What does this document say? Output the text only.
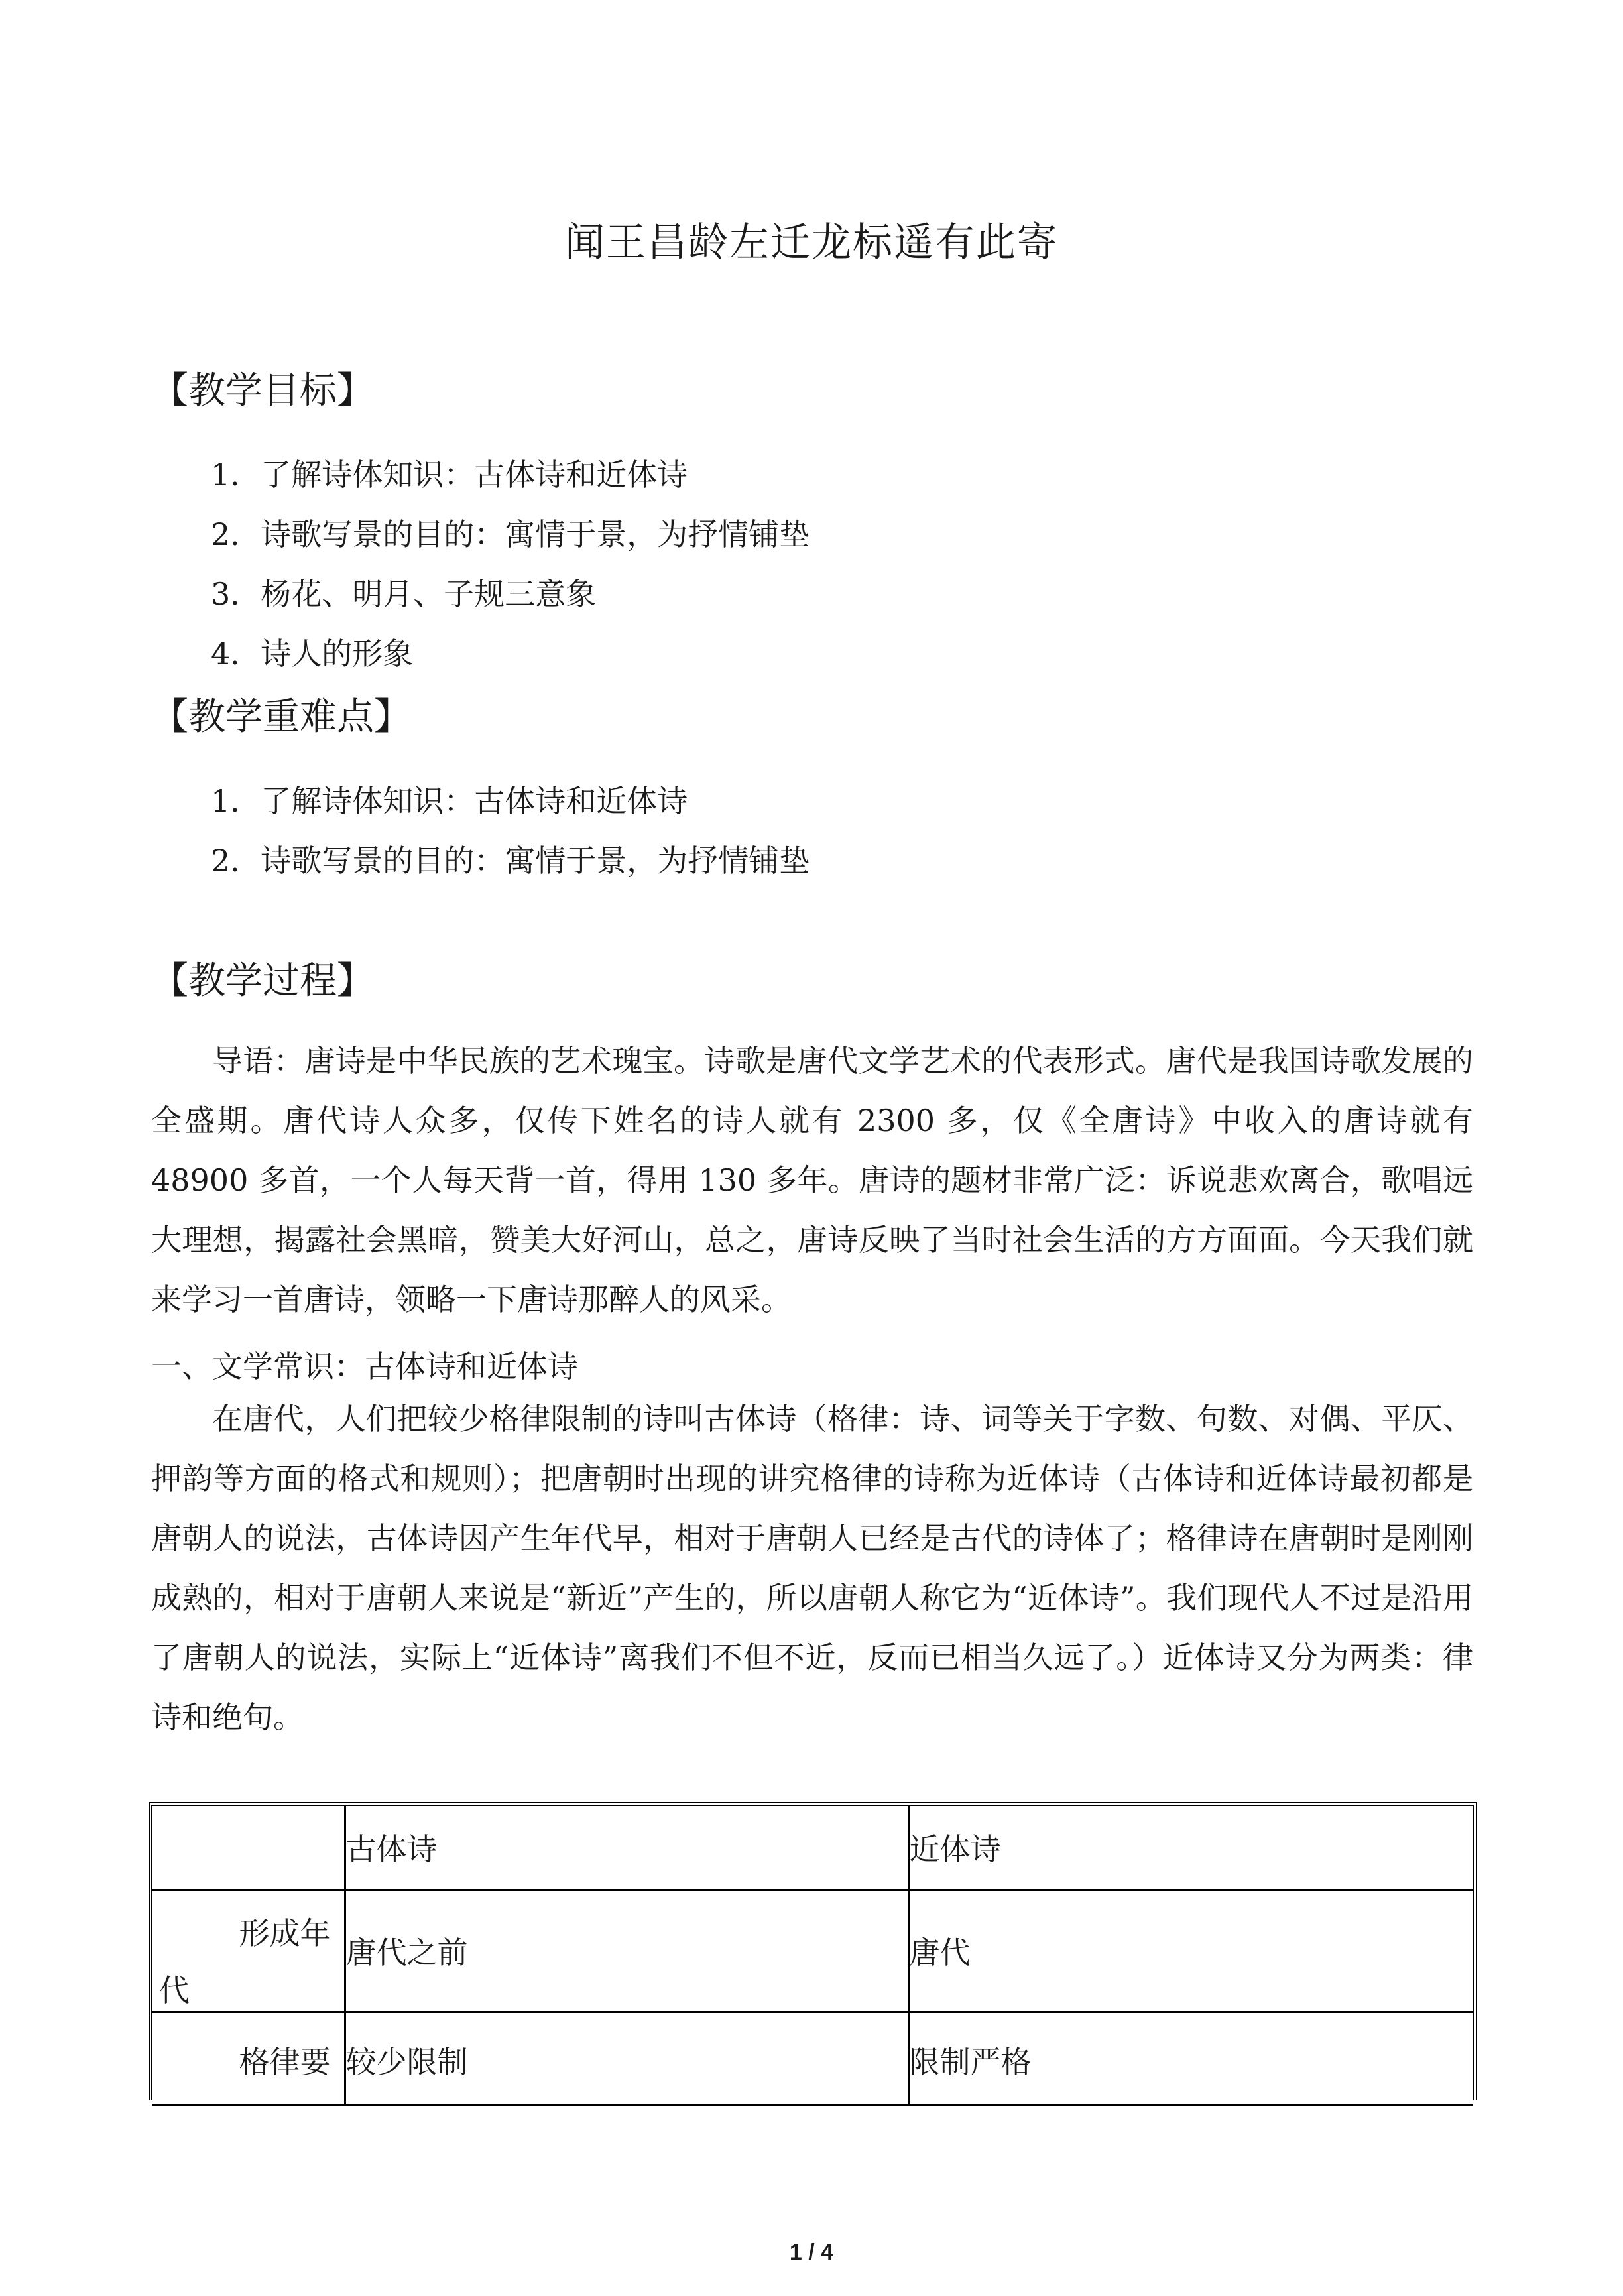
闻王昌龄左迁龙标遥有此寄
【教学目标】
1．了解诗体知识：古体诗和近体诗
2．诗歌写景的目的：寓情于景，为抒情铺垫
3．杨花、明月、子规三意象
4．诗人的形象
【教学重难点】
1．了解诗体知识：古体诗和近体诗
2．诗歌写景的目的：寓情于景，为抒情铺垫
【教学过程】
导语：唐诗是中华民族的艺术瑰宝。诗歌是唐代文学艺术的代表形式。唐代是我国诗歌发展的全盛期。唐代诗人众多，仅传下姓名的诗人就有 2300 多，仅《全唐诗》中收入的唐诗就有 48900 多首，一个人每天背一首，得用 130 多年。唐诗的题材非常广泛：诉说悲欢离合，歌唱远大理想，揭露社会黑暗，赞美大好河山，总之，唐诗反映了当时社会生活的方方面面。今天我们就来学习一首唐诗，领略一下唐诗那醉人的风采。
一、文学常识：古体诗和近体诗
在唐代，人们把较少格律限制的诗叫古体诗（格律：诗、词等关于字数、句数、对偶、平仄、押韵等方面的格式和规则）；把唐朝时出现的讲究格律的诗称为近体诗（古体诗和近体诗最初都是唐朝人的说法，古体诗因产生年代早，相对于唐朝人已经是古代的诗体了；格律诗在唐朝时是刚刚成熟的，相对于唐朝人来说是“新近”产生的，所以唐朝人称它为“近体诗”。我们现代人不过是沿用了唐朝人的说法，实际上“近体诗”离我们不但不近，反而已相当久远了。）近体诗又分为两类：律诗和绝句。
	古体诗	近体诗

形成年
代	唐代之前	唐代

格律要	较少限制	限制严格
1 / 4
